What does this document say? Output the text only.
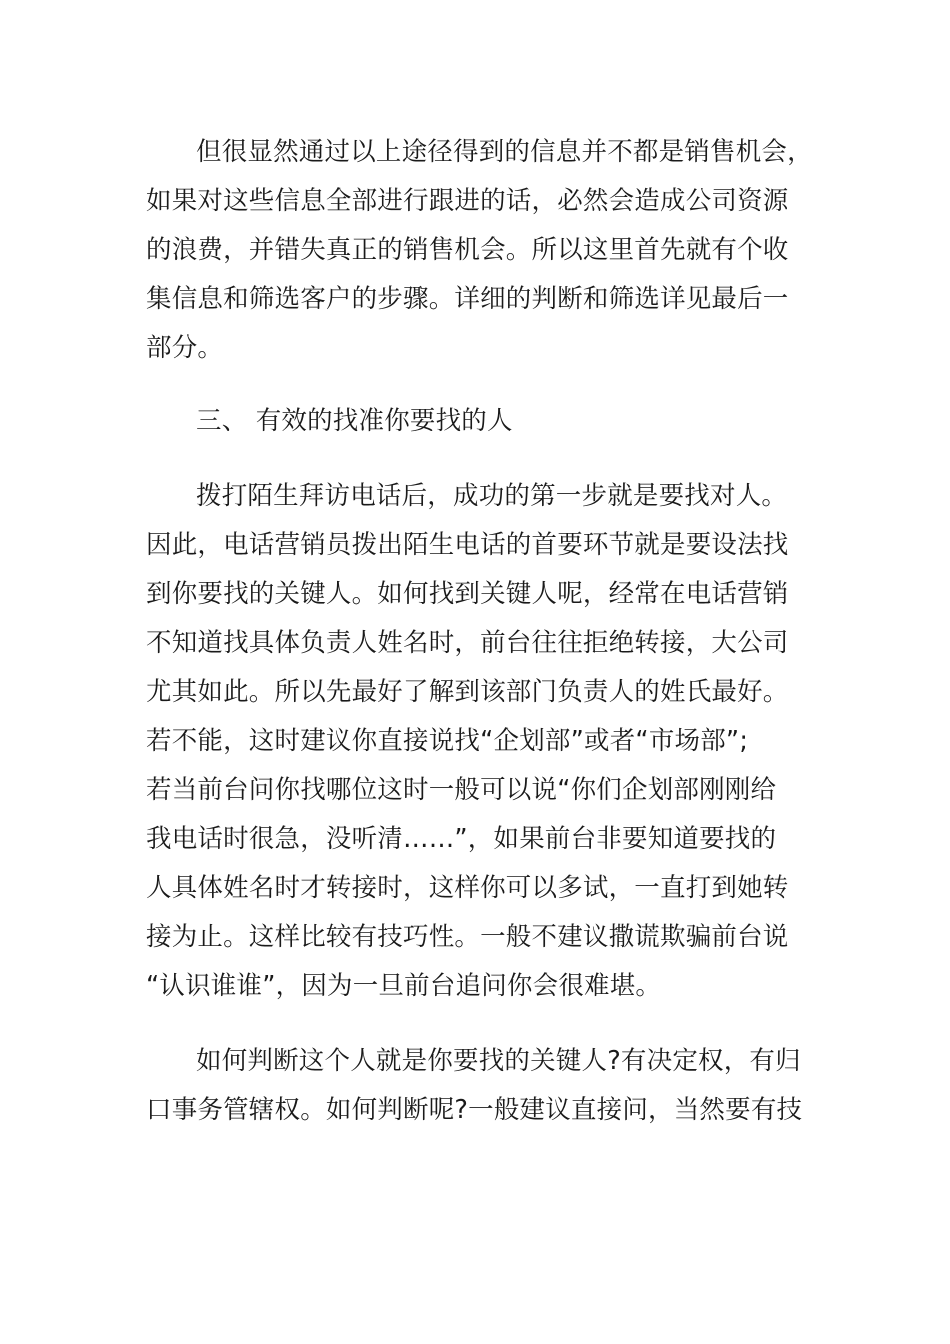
但很显然通过以上途径得到的信息并不都是销售机会，
如果对这些信息全部进行跟进的话，必然会造成公司资源
的浪费，并错失真正的销售机会。所以这里首先就有个收
集信息和筛选客户的步骤。详细的判断和筛选详见最后一
部分。
三、 有效的找准你要找的人
拨打陌生拜访电话后，成功的第一步就是要找对人。
因此，电话营销员拨出陌生电话的首要环节就是要设法找
到你要找的关键人。如何找到关键人呢，经常在电话营销
不知道找具体负责人姓名时，前台往往拒绝转接，大公司
尤其如此。所以先最好了解到该部门负责人的姓氏最好。
若不能，这时建议你直接说找“企划部”或者“市场部”;
若当前台问你找哪位这时一般可以说“你们企划部刚刚给
我电话时很急，没听清……”，如果前台非要知道要找的
人具体姓名时才转接时，这样你可以多试，一直打到她转
接为止。这样比较有技巧性。一般不建议撒谎欺骗前台说
“认识谁谁”，因为一旦前台追问你会很难堪。
如何判断这个人就是你要找的关键人?有决定权，有归
口事务管辖权。如何判断呢?一般建议直接问，当然要有技
